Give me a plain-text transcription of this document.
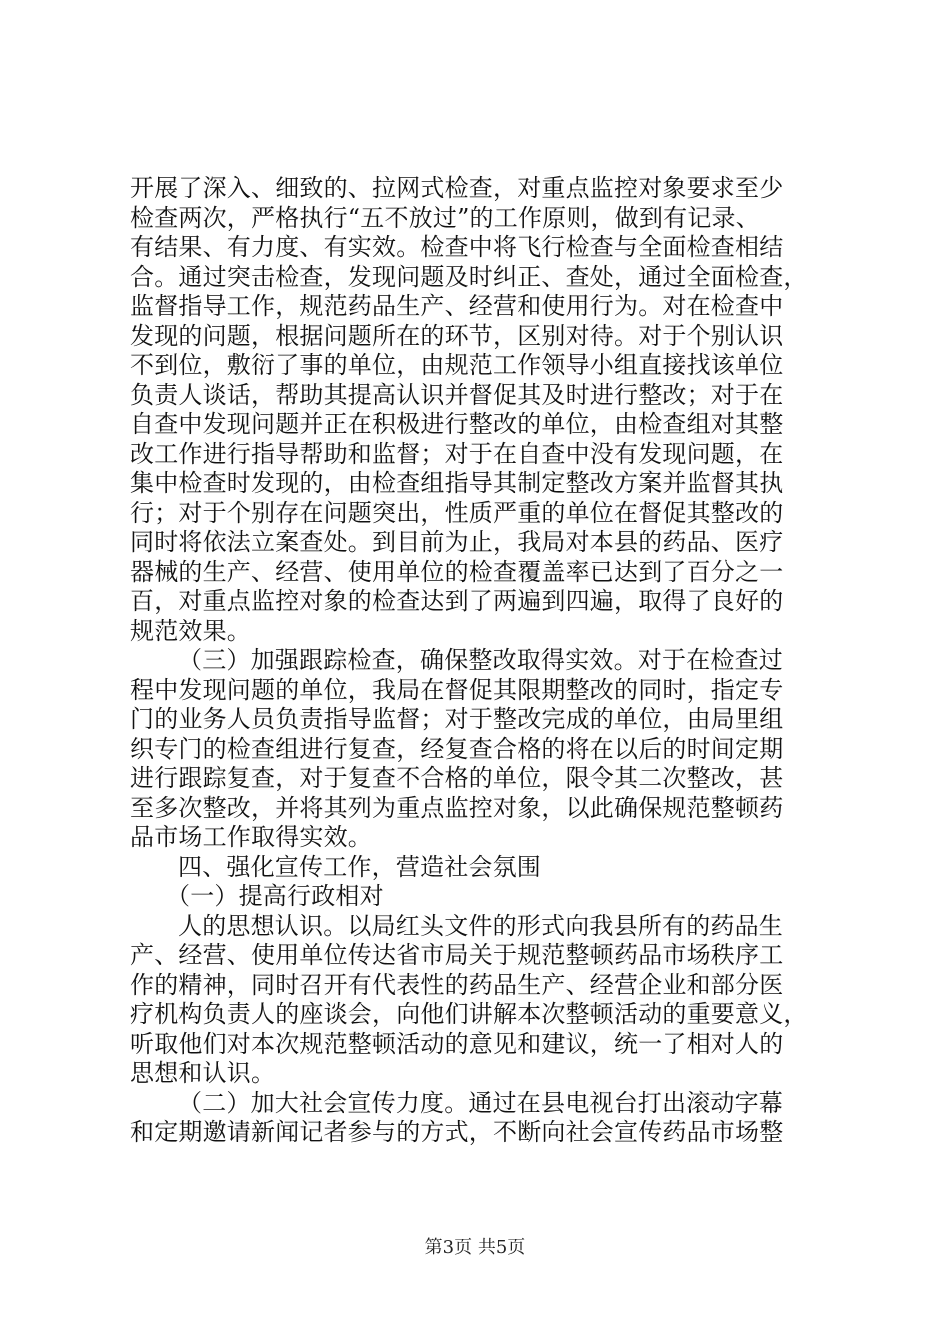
开展了深入、细致的、拉网式检查，对重点监控对象要求至少
检查两次，严格执行“五不放过”的工作原则，做到有记录、
有结果、有力度、有实效。检查中将飞行检查与全面检查相结
合。通过突击检查，发现问题及时纠正、查处，通过全面检查，
监督指导工作，规范药品生产、经营和使用行为。对在检查中
发现的问题，根据问题所在的环节，区别对待。对于个别认识
不到位，敷衍了事的单位，由规范工作领导小组直接找该单位
负责人谈话，帮助其提高认识并督促其及时进行整改；对于在
自查中发现问题并正在积极进行整改的单位，由检查组对其整
改工作进行指导帮助和监督；对于在自查中没有发现问题，在
集中检查时发现的，由检查组指导其制定整改方案并监督其执
行；对于个别存在问题突出，性质严重的单位在督促其整改的
同时将依法立案查处。到目前为止，我局对本县的药品、医疗
器械的生产、经营、使用单位的检查覆盖率已达到了百分之一
百，对重点监控对象的检查达到了两遍到四遍，取得了良好的
规范效果。
（三）加强跟踪检查，确保整改取得实效。对于在检查过
程中发现问题的单位，我局在督促其限期整改的同时，指定专
门的业务人员负责指导监督；对于整改完成的单位，由局里组
织专门的检查组进行复查，经复查合格的将在以后的时间定期
进行跟踪复查，对于复查不合格的单位，限令其二次整改，甚
至多次整改，并将其列为重点监控对象，以此确保规范整顿药
品市场工作取得实效。
四、强化宣传工作，营造社会氛围
（一）提高行政相对
人的思想认识。以局红头文件的形式向我县所有的药品生
产、经营、使用单位传达省市局关于规范整顿药品市场秩序工
作的精神，同时召开有代表性的药品生产、经营企业和部分医
疗机构负责人的座谈会，向他们讲解本次整顿活动的重要意义，
听取他们对本次规范整顿活动的意见和建议，统一了相对人的
思想和认识。
（二）加大社会宣传力度。通过在县电视台打出滚动字幕
和定期邀请新闻记者参与的方式，不断向社会宣传药品市场整
第3页 共5页
